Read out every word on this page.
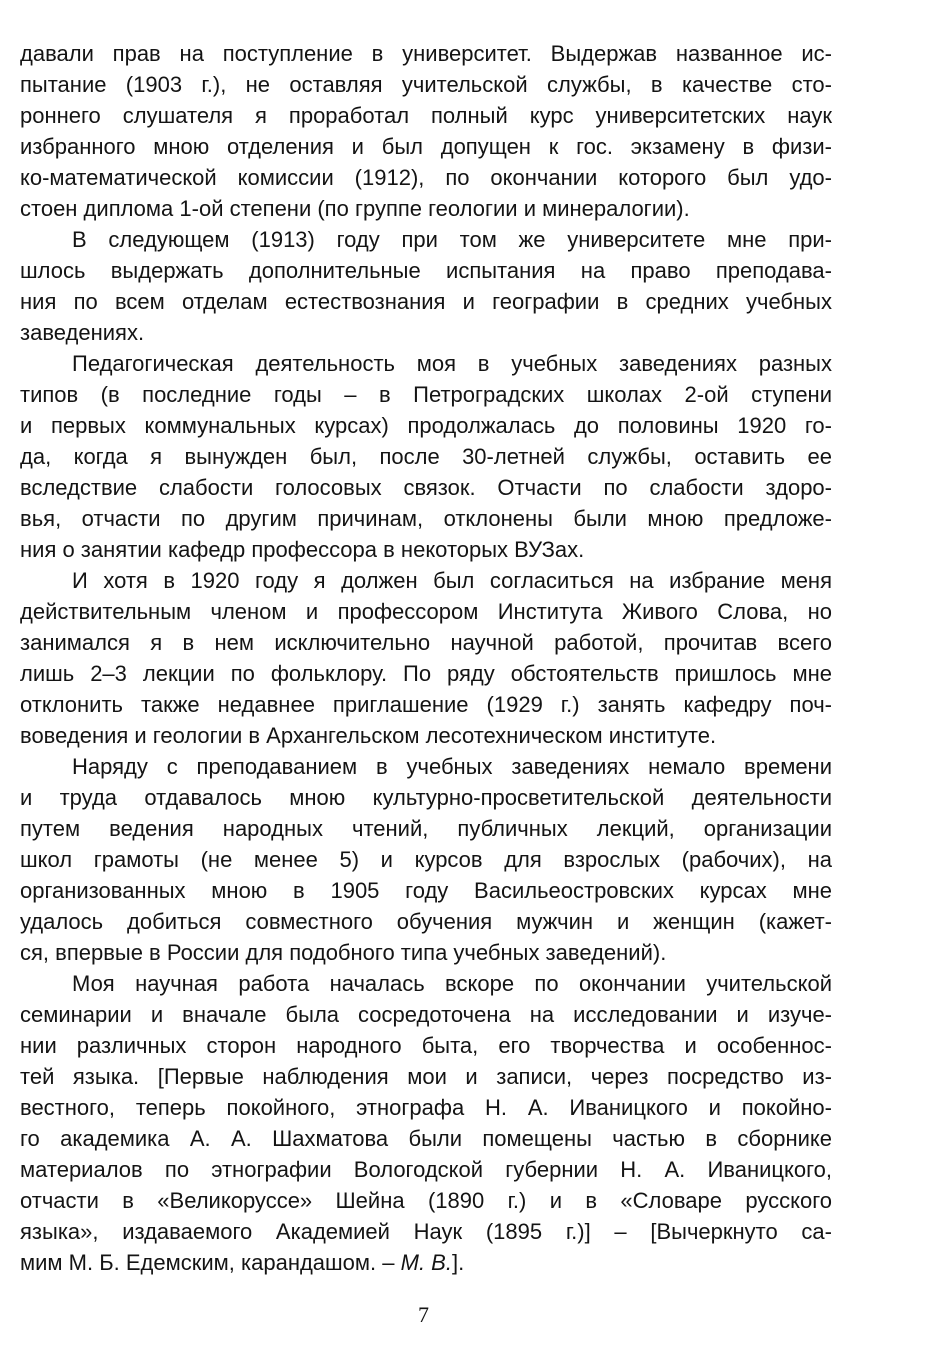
давали прав на поступление в университет. Выдержав названное ис-
пытание (1903 г.), не оставляя учительской службы, в качестве сто-
роннего слушателя я проработал полный курс университетских наук
избранного мною отделения и был допущен к гос. экзамену в физи-
ко-математической комиссии (1912), по окончании которого был удо-
стоен диплома 1-ой степени (по группе геологии и минералогии).
В следующем (1913) году при том же университете мне при-
шлось выдержать дополнительные испытания на право преподава-
ния по всем отделам естествознания и географии в средних учебных
заведениях.
Педагогическая деятельность моя в учебных заведениях разных
типов (в последние годы – в Петроградских школах 2-ой ступени
и первых коммунальных курсах) продолжалась до половины 1920 го-
да, когда я вынужден был, после 30-летней службы, оставить ее
вследствие слабости голосовых связок. Отчасти по слабости здоро-
вья, отчасти по другим причинам, отклонены были мною предложе-
ния о занятии кафедр профессора в некоторых ВУЗах.
И хотя в 1920 году я должен был согласиться на избрание меня
действительным членом и профессором Института Живого Слова, но
занимался я в нем исключительно научной работой, прочитав всего
лишь 2–3 лекции по фольклору. По ряду обстоятельств пришлось мне
отклонить также недавнее приглашение (1929 г.) занять кафедру поч-
воведения и геологии в Архангельском лесотехническом институте.
Наряду с преподаванием в учебных заведениях немало времени
и труда отдавалось мною культурно-просветительской деятельности
путем ведения народных чтений, публичных лекций, организации
школ грамоты (не менее 5) и курсов для взрослых (рабочих), на
организованных мною в 1905 году Васильеостровских курсах мне
удалось добиться совместного обучения мужчин и женщин (кажет-
ся, впервые в России для подобного типа учебных заведений).
Моя научная работа началась вскоре по окончании учительской
семинарии и вначале была сосредоточена на исследовании и изуче-
нии различных сторон народного быта, его творчества и особеннос-
тей языка. [Первые наблюдения мои и записи, через посредство из-
вестного, теперь покойного, этнографа Н. А. Иваницкого и покойно-
го академика А. А. Шахматова были помещены частью в сборнике
материалов по этнографии Вологодской губернии Н. А. Иваницкого,
отчасти в «Великоруссе» Шейна (1890 г.) и в «Словаре русского
языка», издаваемого Академией Наук (1895 г.)] – [Вычеркнуто са-
мим М. Б. Едемским, карандашом. – М. В.].
7
